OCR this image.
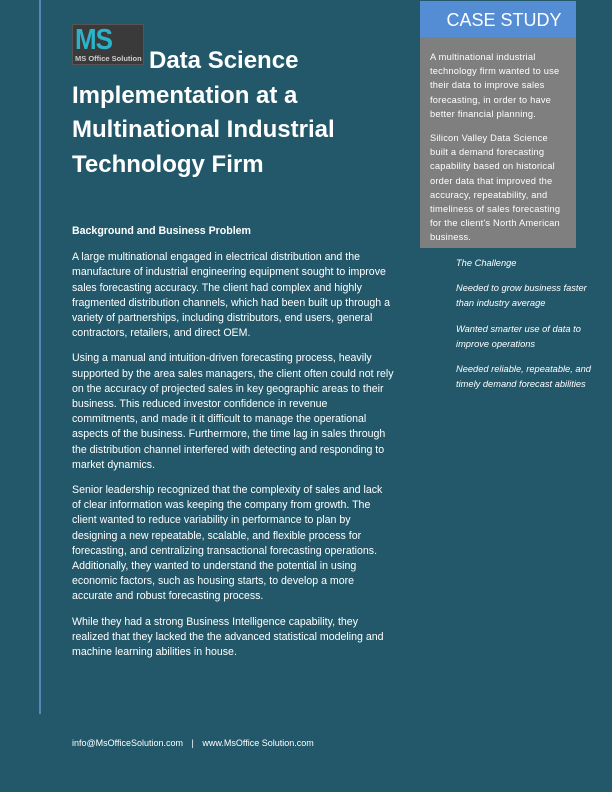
MS
MS Office Solution Data Science Implementation at a Multinational Industrial Technology Firm
Background and Business Problem

A large multinational engaged in electrical distribution and the manufacture of industrial engineering equipment sought to improve sales forecasting accuracy. The client had complex and highly fragmented distribution channels, which had been built up through a variety of partnerships, including distributors, end users, general contractors, retailers, and direct OEM.

Using a manual and intuition-driven forecasting process, heavily supported by the area sales managers, the client often could not rely on the accuracy of projected sales in key geographic areas to their business. This reduced investor confidence in revenue commitments, and made it it difficult to manage the operational aspects of the business. Furthermore, the time lag in sales through the distribution channel interfered with detecting and responding to market dynamics.

Senior leadership recognized that the complexity of sales and lack of clear information was keeping the company from growth. The client wanted to reduce variability in performance to plan by designing a new repeatable, scalable, and flexible process for forecasting, and centralizing transactional forecasting operations. Additionally, they wanted to understand the potential in using economic factors, such as housing starts, to develop a more accurate and robust forecasting process.

While they had a strong Business Intelligence capability, they realized that they lacked the the advanced statistical modeling and machine learning abilities in house.

CASE STUDY

A multinational industrial technology firm wanted to use their data to improve sales forecasting, in order to have better financial planning.

Silicon Valley Data Science built a demand forecasting capability based on historical order data that improved the accuracy, repeatability, and timeliness of sales forecasting for the client's North American business.

The Challenge

Needed to grow business faster than industry average

Wanted smarter use of data to improve operations

Needed reliable, repeatable, and timely demand forecast abilities

info@MsOfficeSolution.com | www.MsOffice Solution.com
